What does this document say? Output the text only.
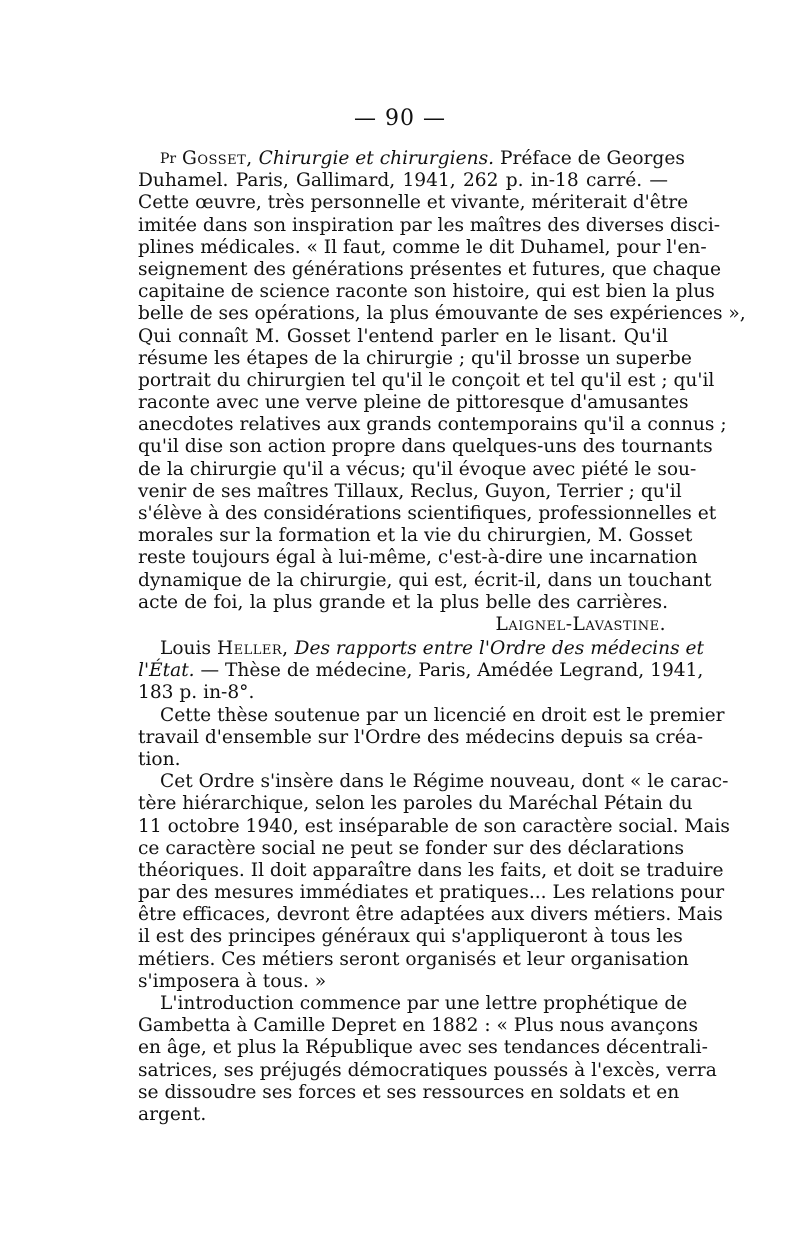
— 90 —
$^{Pr}$ Gosset, Chirurgie et chirurgiens. Préface de Georges
Duhamel. Paris, Gallimard, 1941, 262 p. in-18 carré. —
Cette œuvre, très personnelle et vivante, mériterait d'être
imitée dans son inspiration par les maîtres des diverses disci-
plines médicales. « Il faut, comme le dit Duhamel, pour l'en-
seignement des générations présentes et futures, que chaque
capitaine de science raconte son histoire, qui est bien la plus
belle de ses opérations, la plus émouvante de ses expériences »,
Qui connaît M. Gosset l'entend parler en le lisant. Qu'il
résume les étapes de la chirurgie ; qu'il brosse un superbe
portrait du chirurgien tel qu'il le conçoit et tel qu'il est ; qu'il
raconte avec une verve pleine de pittoresque d'amusantes
anecdotes relatives aux grands contemporains qu'il a connus ;
qu'il dise son action propre dans quelques-uns des tournants
de la chirurgie qu'il a vécus; qu'il évoque avec piété le sou-
venir de ses maîtres Tillaux, Reclus, Guyon, Terrier ; qu'il
s'élève à des considérations scientifiques, professionnelles et
morales sur la formation et la vie du chirurgien, M. Gosset
reste toujours égal à lui-même, c'est-à-dire une incarnation
dynamique de la chirurgie, qui est, écrit-il, dans un touchant
acte de foi, la plus grande et la plus belle des carrières.
Laignel-Lavastine.
Louis Heller, Des rapports entre l'Ordre des médecins et
l'État. — Thèse de médecine, Paris, Amédée Legrand, 1941,
183 p. in-8°.
Cette thèse soutenue par un licencié en droit est le premier
travail d'ensemble sur l'Ordre des médecins depuis sa créa-
tion.
Cet Ordre s'insère dans le Régime nouveau, dont « le carac-
tère hiérarchique, selon les paroles du Maréchal Pétain du
11 octobre 1940, est inséparable de son caractère social. Mais
ce caractère social ne peut se fonder sur des déclarations
théoriques. Il doit apparaître dans les faits, et doit se traduire
par des mesures immédiates et pratiques... Les relations pour
être efficaces, devront être adaptées aux divers métiers. Mais
il est des principes généraux qui s'appliqueront à tous les
métiers. Ces métiers seront organisés et leur organisation
s'imposera à tous. »
L'introduction commence par une lettre prophétique de
Gambetta à Camille Depret en 1882 : « Plus nous avançons
en âge, et plus la République avec ses tendances décentrali-
satrices, ses préjugés démocratiques poussés à l'excès, verra
se dissoudre ses forces et ses ressources en soldats et en
argent.
